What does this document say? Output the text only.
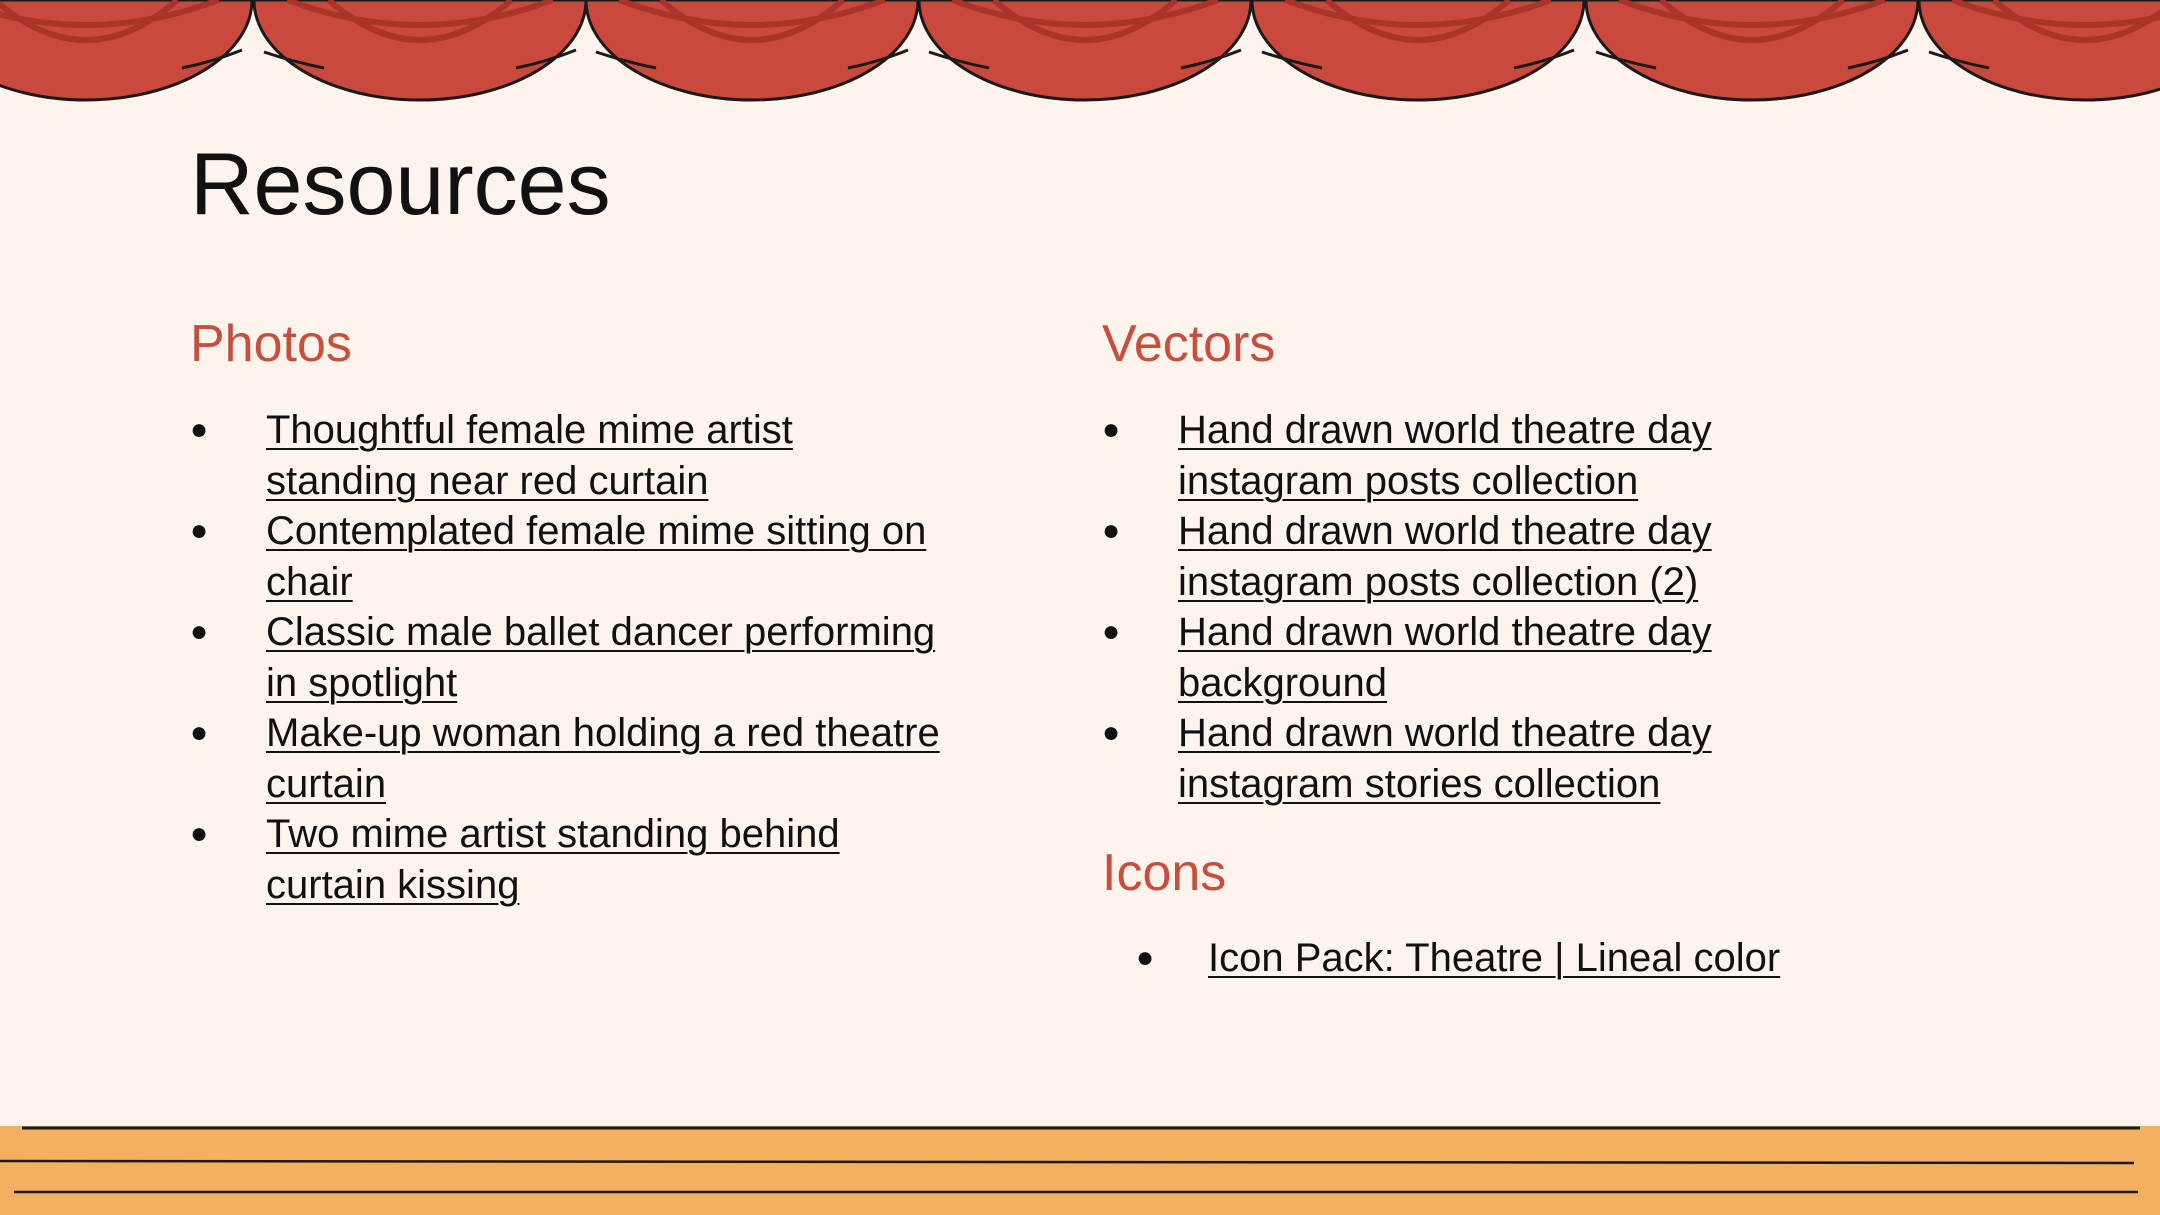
Resources
Photos
● Thoughtful female mime artist
standing near red curtain
● Contemplated female mime sitting on
chair
● Classic male ballet dancer performing
in spotlight
● Make-up woman holding a red theatre
curtain
● Two mime artist standing behind
curtain kissing
Vectors
● Hand drawn world theatre day
instagram posts collection
● Hand drawn world theatre day
instagram posts collection (2)
● Hand drawn world theatre day
background
● Hand drawn world theatre day
instagram stories collection
Icons
● Icon Pack: Theatre | Lineal color
